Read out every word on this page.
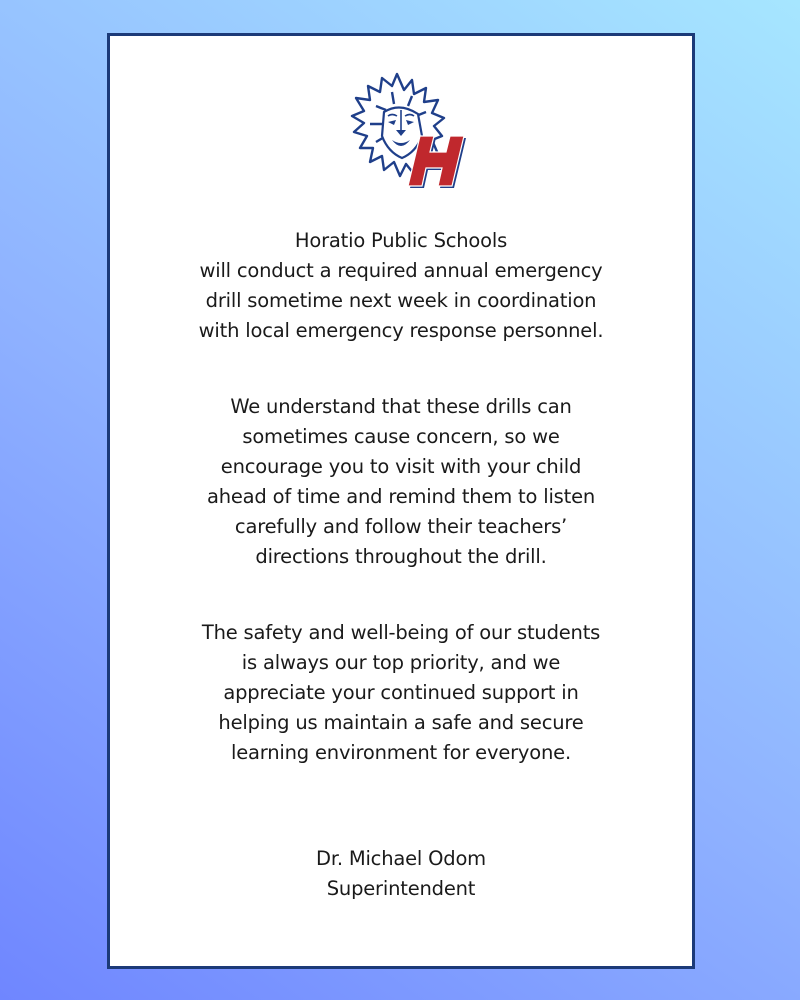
Horatio Public Schools
will conduct a required annual emergency
drill sometime next week in coordination
with local emergency response personnel.
We understand that these drills can
sometimes cause concern, so we
encourage you to visit with your child
ahead of time and remind them to listen
carefully and follow their teachers’
directions throughout the drill.
The safety and well-being of our students
is always our top priority, and we
appreciate your continued support in
helping us maintain a safe and secure
learning environment for everyone.
Dr. Michael Odom
Superintendent
